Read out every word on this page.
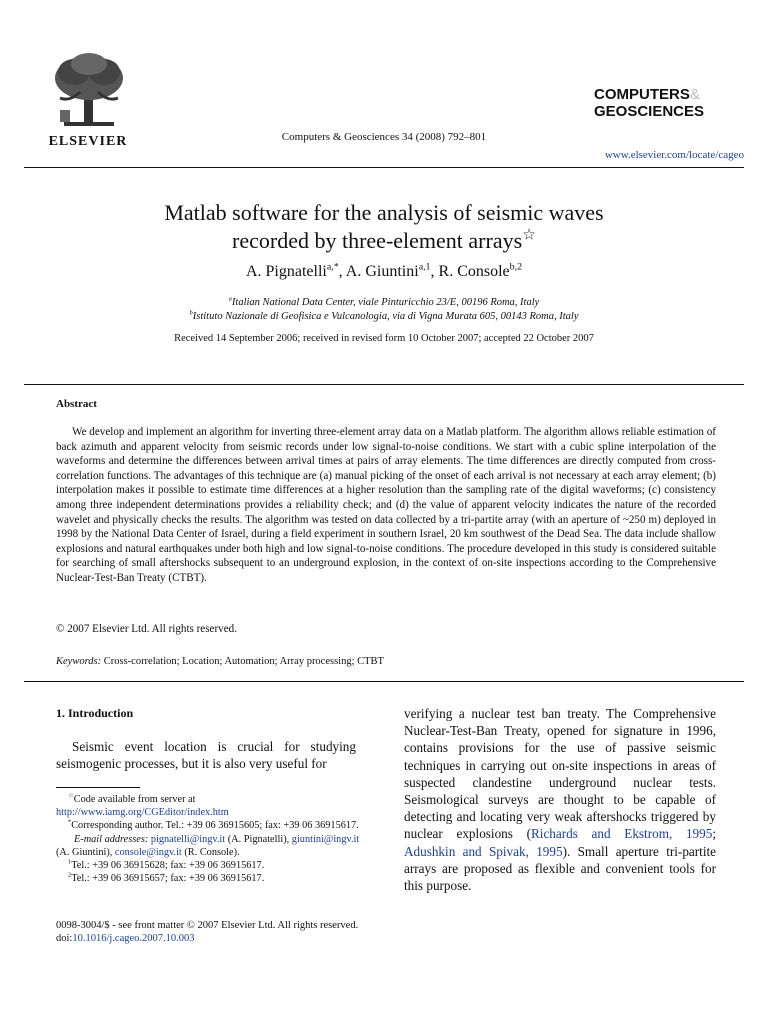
ELSEVIER	Computers & Geosciences 34 (2008) 792–801
COMPUTERS&
GEOSCIENCES
www.elsevier.com/locate/cageo
Matlab software for the analysis of seismic waves
recorded by three-element arrays☆
A. Pignatelli$^{a,*}$, A. Giuntini$^{a,1}$, R. Console$^{b,2}$
$^a$Italian National Data Center, viale Pinturicchio 23/E, 00196 Roma, Italy
$^b$Istituto Nazionale di Geofisica e Vulcanologia, via di Vigna Murata 605, 00143 Roma, Italy
Received 14 September 2006; received in revised form 10 October 2007; accepted 22 October 2007
Abstract
We develop and implement an algorithm for inverting three-element array data on a Matlab platform. The algorithm allows reliable estimation of back azimuth and apparent velocity from seismic records under low signal-to-noise conditions. We start with a cubic spline interpolation of the waveforms and determine the differences between arrival times at pairs of array elements. The time differences are directly computed from cross-correlation functions. The advantages of this technique are (a) manual picking of the onset of each arrival is not necessary at each array element; (b) interpolation makes it possible to estimate time differences at a higher resolution than the sampling rate of the digital waveforms; (c) consistency among three independent determinations provides a reliability check; and (d) the value of apparent velocity indicates the nature of the recorded wavelet and physically checks the results. The algorithm was tested on data collected by a tri-partite array (with an aperture of ~250 m) deployed in 1998 by the National Data Center of Israel, during a field experiment in southern Israel, 20 km southwest of the Dead Sea. The data include shallow explosions and natural earthquakes under both high and low signal-to-noise conditions. The procedure developed in this study is considered suitable for searching of small aftershocks subsequent to an underground explosion, in the context of on-site inspections according to the Comprehensive Nuclear-Test-Ban Treaty (CTBT).
© 2007 Elsevier Ltd. All rights reserved.
Keywords: Cross-correlation; Location; Automation; Array processing; CTBT
1. Introduction
Seismic event location is crucial for studying seismogenic processes, but it is also very useful for
verifying a nuclear test ban treaty. The Comprehensive Nuclear-Test-Ban Treaty, opened for signature in 1996, contains provisions for the use of passive seismic techniques in carrying out on-site inspections in areas of suspected clandestine underground nuclear tests. Seismological surveys are thought to be capable of detecting and locating very weak aftershocks triggered by nuclear explosions (Richards and Ekstrom, 1995; Adushkin and Spivak, 1995). Small aperture tri-partite arrays are proposed as flexible and convenient tools for this purpose.
☆Code available from server at http://www.iamg.org/CGEditor/index.htm
*Corresponding author. Tel.: +39 06 36915605; fax: +39 06 36915617.
E-mail addresses: pignatelli@ingv.it (A. Pignatelli), giuntini@ingv.it (A. Giuntini), console@ingv.it (R. Console).
$^1$Tel.: +39 06 36915628; fax: +39 06 36915617.
$^2$Tel.: +39 06 36915657; fax: +39 06 36915617.
0098-3004/$ - see front matter © 2007 Elsevier Ltd. All rights reserved.
doi:10.1016/j.cageo.2007.10.003
